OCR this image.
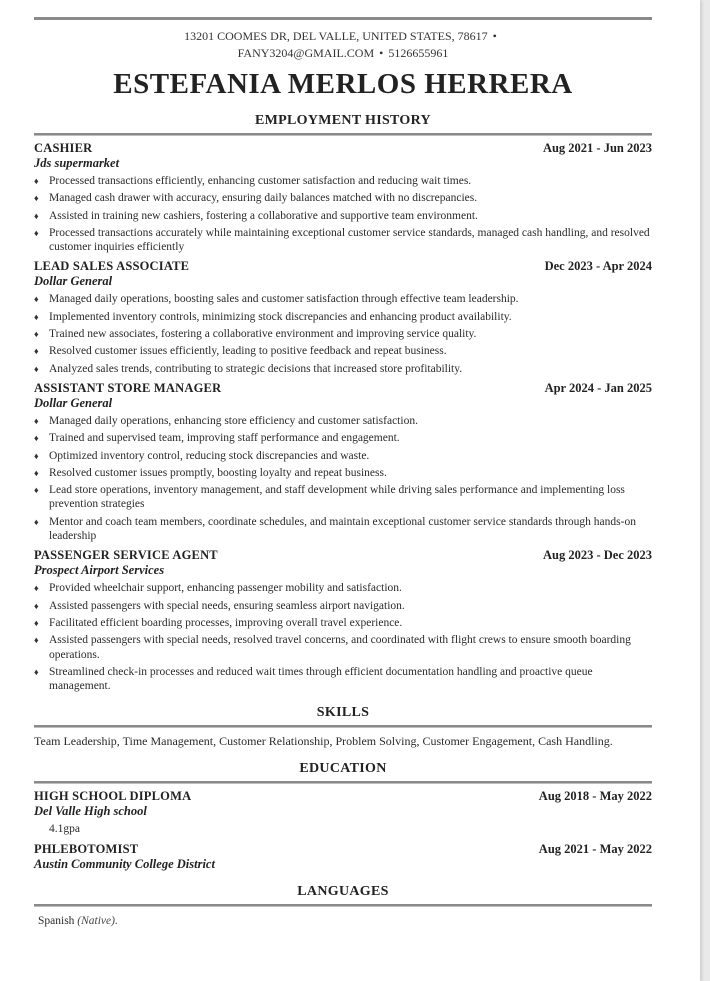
13201 COOMES DR, DEL VALLE, UNITED STATES, 78617 •
FANY3204@GMAIL.COM • 5126655961
ESTEFANIA MERLOS HERRERA
EMPLOYMENT HISTORY
CASHIER	Aug 2021 - Jun 2023
Jds supermarket
♦ Processed transactions efficiently, enhancing customer satisfaction and reducing wait times.
♦ Managed cash drawer with accuracy, ensuring daily balances matched with no discrepancies.
♦ Assisted in training new cashiers, fostering a collaborative and supportive team environment.
♦ Processed transactions accurately while maintaining exceptional customer service standards, managed cash handling, and resolved customer inquiries efficiently
LEAD SALES ASSOCIATE	Dec 2023 - Apr 2024
Dollar General
♦ Managed daily operations, boosting sales and customer satisfaction through effective team leadership.
♦ Implemented inventory controls, minimizing stock discrepancies and enhancing product availability.
♦ Trained new associates, fostering a collaborative environment and improving service quality.
♦ Resolved customer issues efficiently, leading to positive feedback and repeat business.
♦ Analyzed sales trends, contributing to strategic decisions that increased store profitability.
ASSISTANT STORE MANAGER	Apr 2024 - Jan 2025
Dollar General
♦ Managed daily operations, enhancing store efficiency and customer satisfaction.
♦ Trained and supervised team, improving staff performance and engagement.
♦ Optimized inventory control, reducing stock discrepancies and waste.
♦ Resolved customer issues promptly, boosting loyalty and repeat business.
♦ Lead store operations, inventory management, and staff development while driving sales performance and implementing loss prevention strategies
♦ Mentor and coach team members, coordinate schedules, and maintain exceptional customer service standards through hands-on leadership
PASSENGER SERVICE AGENT	Aug 2023 - Dec 2023
Prospect Airport Services
♦ Provided wheelchair support, enhancing passenger mobility and satisfaction.
♦ Assisted passengers with special needs, ensuring seamless airport navigation.
♦ Facilitated efficient boarding processes, improving overall travel experience.
♦ Assisted passengers with special needs, resolved travel concerns, and coordinated with flight crews to ensure smooth boarding operations.
♦ Streamlined check-in processes and reduced wait times through efficient documentation handling and proactive queue management.
SKILLS
Team Leadership, Time Management, Customer Relationship, Problem Solving, Customer Engagement, Cash Handling.
EDUCATION
HIGH SCHOOL DIPLOMA	Aug 2018 - May 2022
Del Valle High school
4.1gpa
PHLEBOTOMIST	Aug 2021 - May 2022
Austin Community College District
LANGUAGES
Spanish (Native).
